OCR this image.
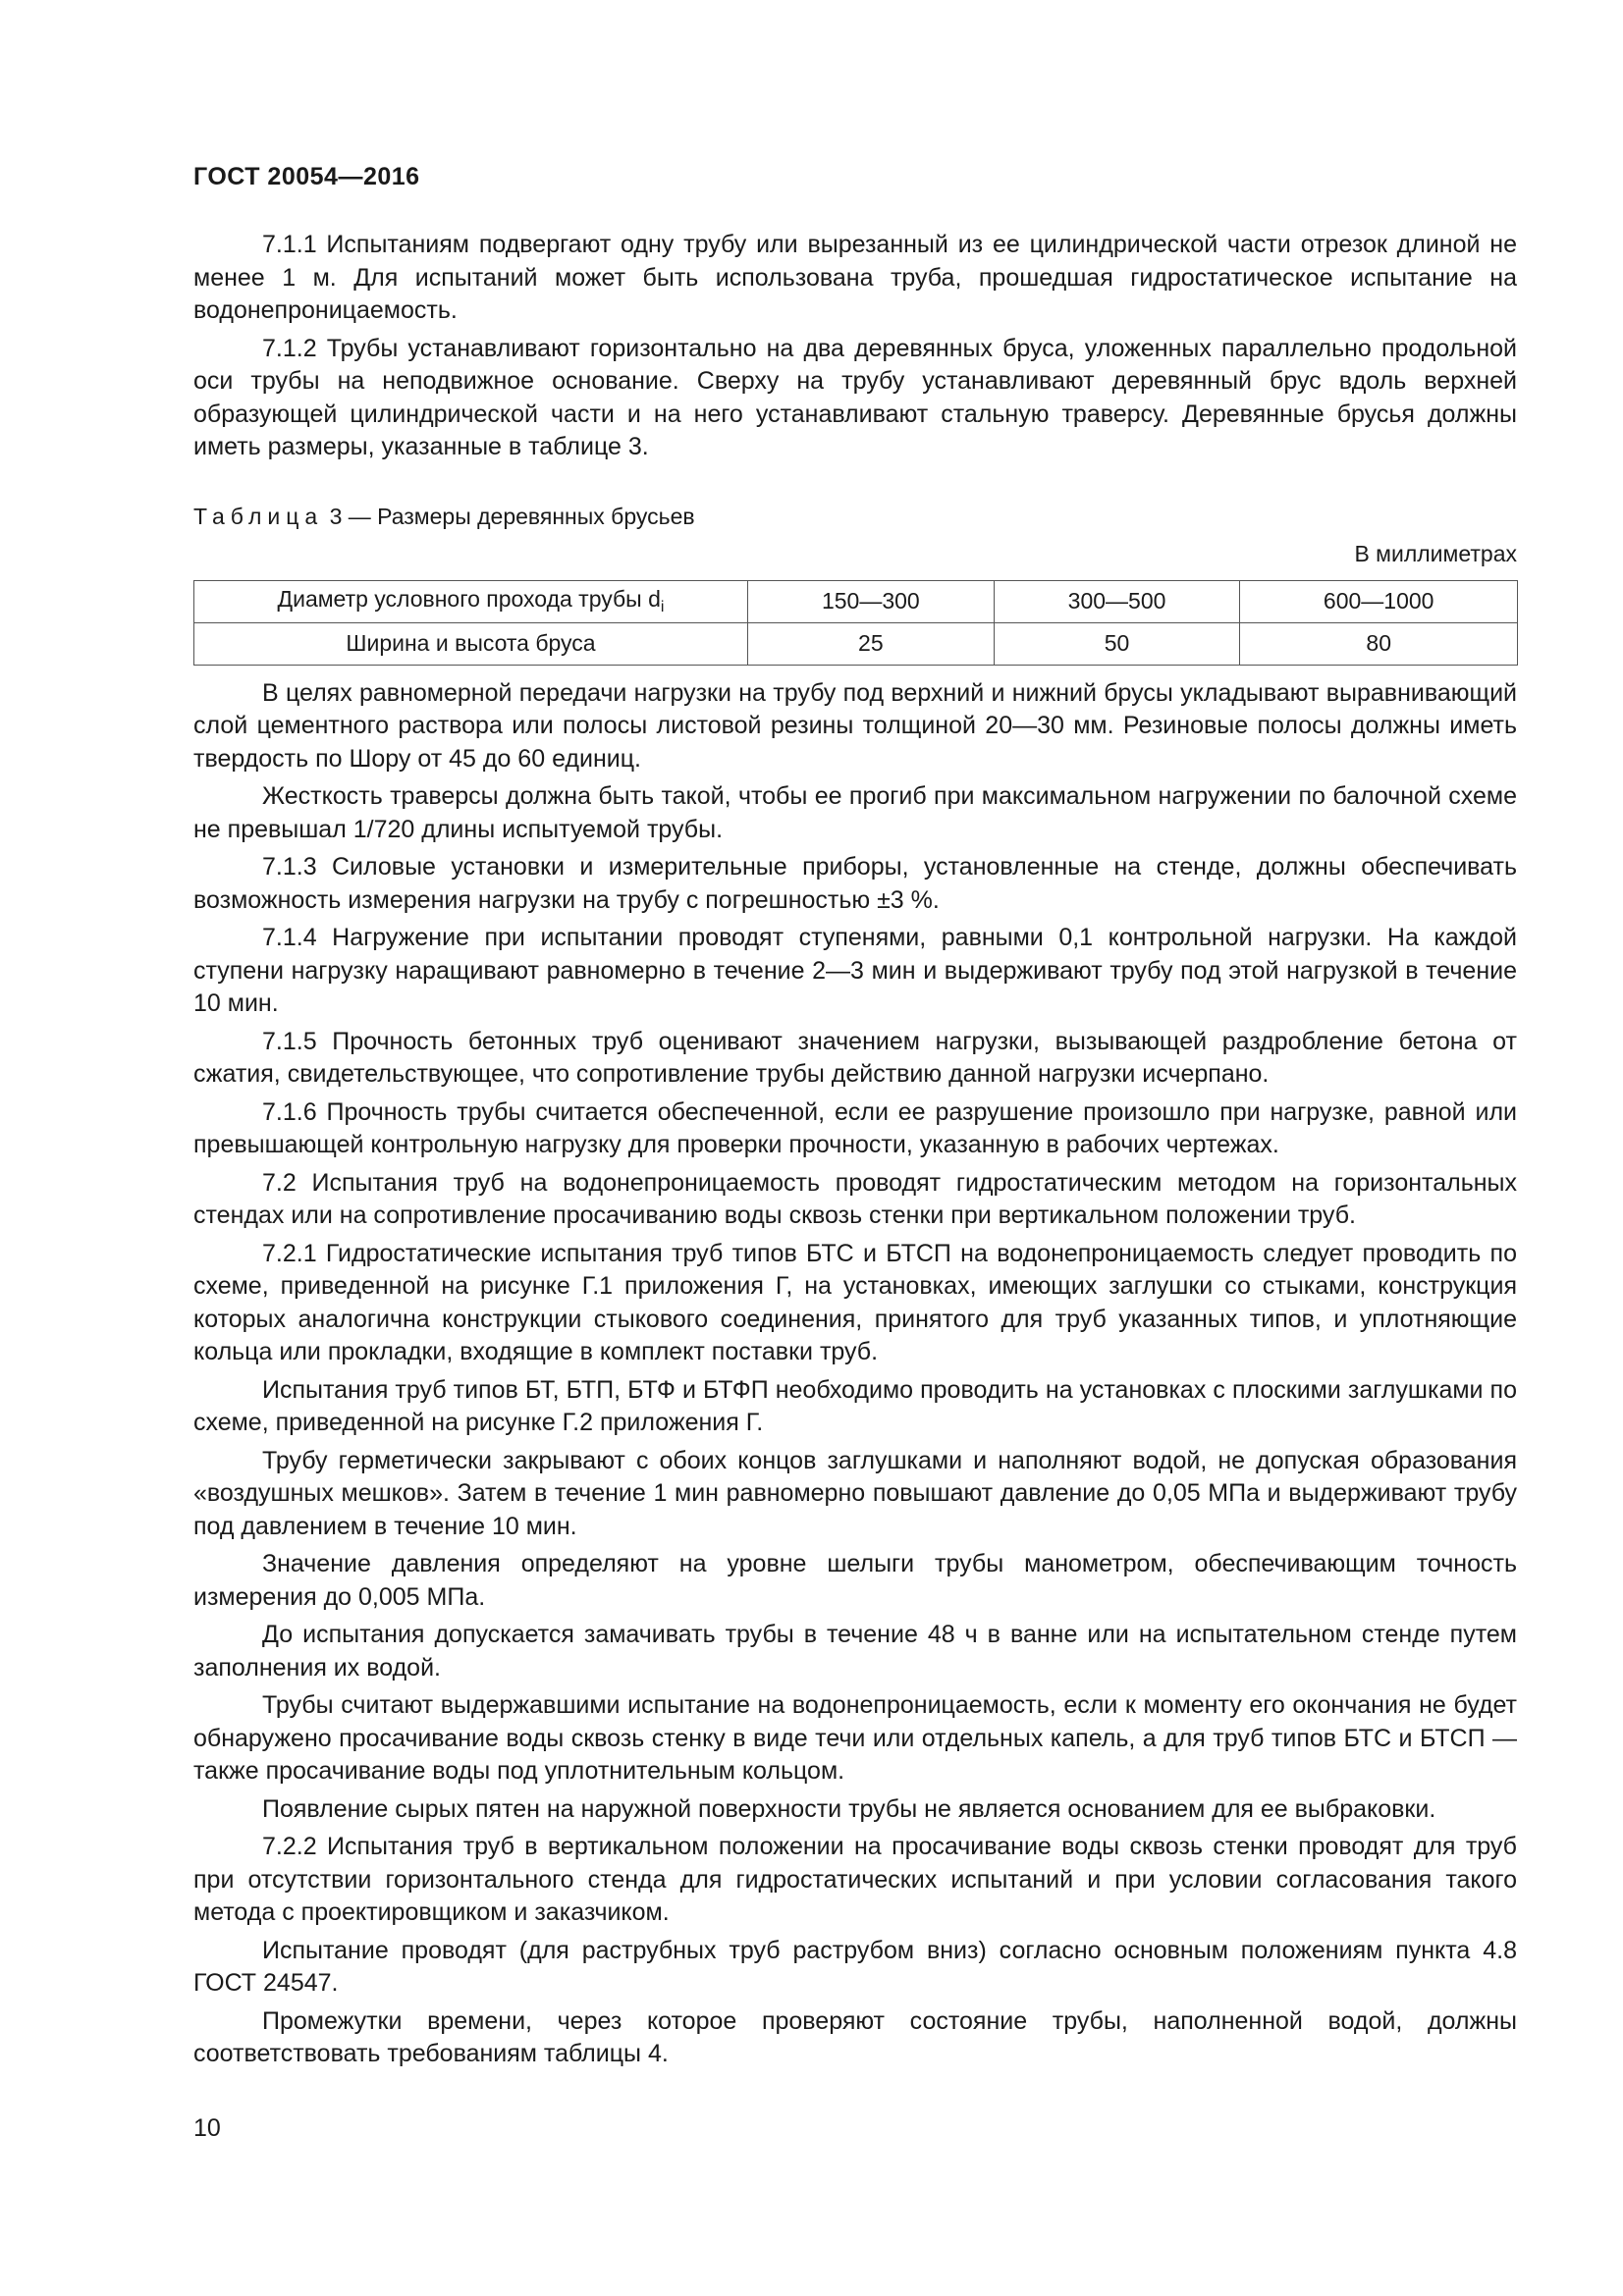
ГОСТ 20054—2016

7.1.1 Испытаниям подвергают одну трубу или вырезанный из ее цилиндрической части отрезок длиной не менее 1 м. Для испытаний может быть использована труба, прошедшая гидростатическое испытание на водонепроницаемость.

7.1.2 Трубы устанавливают горизонтально на два деревянных бруса, уложенных параллельно продольной оси трубы на неподвижное основание. Сверху на трубу устанавливают деревянный брус вдоль верхней образующей цилиндрической части и на него устанавливают стальную траверсу. Деревянные брусья должны иметь размеры, указанные в таблице 3.

Таблица 3 — Размеры деревянных брусьев
В миллиметрах
Диаметр условного прохода трубы $d_i$	150—300	300—500	600—1000
Ширина и высота бруса	25	50	80

В целях равномерной передачи нагрузки на трубу под верхний и нижний брусы укладывают выравнивающий слой цементного раствора или полосы листовой резины толщиной 20—30 мм. Резиновые полосы должны иметь твердость по Шору от 45 до 60 единиц.

Жесткость траверсы должна быть такой, чтобы ее прогиб при максимальном нагружении по балочной схеме не превышал 1/720 длины испытуемой трубы.

7.1.3 Силовые установки и измерительные приборы, установленные на стенде, должны обеспечивать возможность измерения нагрузки на трубу с погрешностью ±3 %.

7.1.4 Нагружение при испытании проводят ступенями, равными 0,1 контрольной нагрузки. На каждой ступени нагрузку наращивают равномерно в течение 2—3 мин и выдерживают трубу под этой нагрузкой в течение 10 мин.

7.1.5 Прочность бетонных труб оценивают значением нагрузки, вызывающей раздробление бетона от сжатия, свидетельствующее, что сопротивление трубы действию данной нагрузки исчерпано.

7.1.6 Прочность трубы считается обеспеченной, если ее разрушение произошло при нагрузке, равной или превышающей контрольную нагрузку для проверки прочности, указанную в рабочих чертежах.

7.2 Испытания труб на водонепроницаемость проводят гидростатическим методом на горизонтальных стендах или на сопротивление просачиванию воды сквозь стенки при вертикальном положении труб.

7.2.1 Гидростатические испытания труб типов БТС и БТСП на водонепроницаемость следует проводить по схеме, приведенной на рисунке Г.1 приложения Г, на установках, имеющих заглушки со стыками, конструкция которых аналогична конструкции стыкового соединения, принятого для труб указанных типов, и уплотняющие кольца или прокладки, входящие в комплект поставки труб.

Испытания труб типов БТ, БТП, БТФ и БТФП необходимо проводить на установках с плоскими заглушками по схеме, приведенной на рисунке Г.2 приложения Г.

Трубу герметически закрывают с обоих концов заглушками и наполняют водой, не допуская образования «воздушных мешков». Затем в течение 1 мин равномерно повышают давление до 0,05 МПа и выдерживают трубу под давлением в течение 10 мин.

Значение давления определяют на уровне шелыги трубы манометром, обеспечивающим точность измерения до 0,005 МПа.

До испытания допускается замачивать трубы в течение 48 ч в ванне или на испытательном стенде путем заполнения их водой.

Трубы считают выдержавшими испытание на водонепроницаемость, если к моменту его окончания не будет обнаружено просачивание воды сквозь стенку в виде течи или отдельных капель, а для труб типов БТС и БТСП — также просачивание воды под уплотнительным кольцом.

Появление сырых пятен на наружной поверхности трубы не является основанием для ее выбраковки.

7.2.2 Испытания труб в вертикальном положении на просачивание воды сквозь стенки проводят для труб при отсутствии горизонтального стенда для гидростатических испытаний и при условии согласования такого метода с проектировщиком и заказчиком.

Испытание проводят (для раструбных труб раструбом вниз) согласно основным положениям пункта 4.8 ГОСТ 24547.

Промежутки времени, через которое проверяют состояние трубы, наполненной водой, должны соответствовать требованиям таблицы 4.

10
